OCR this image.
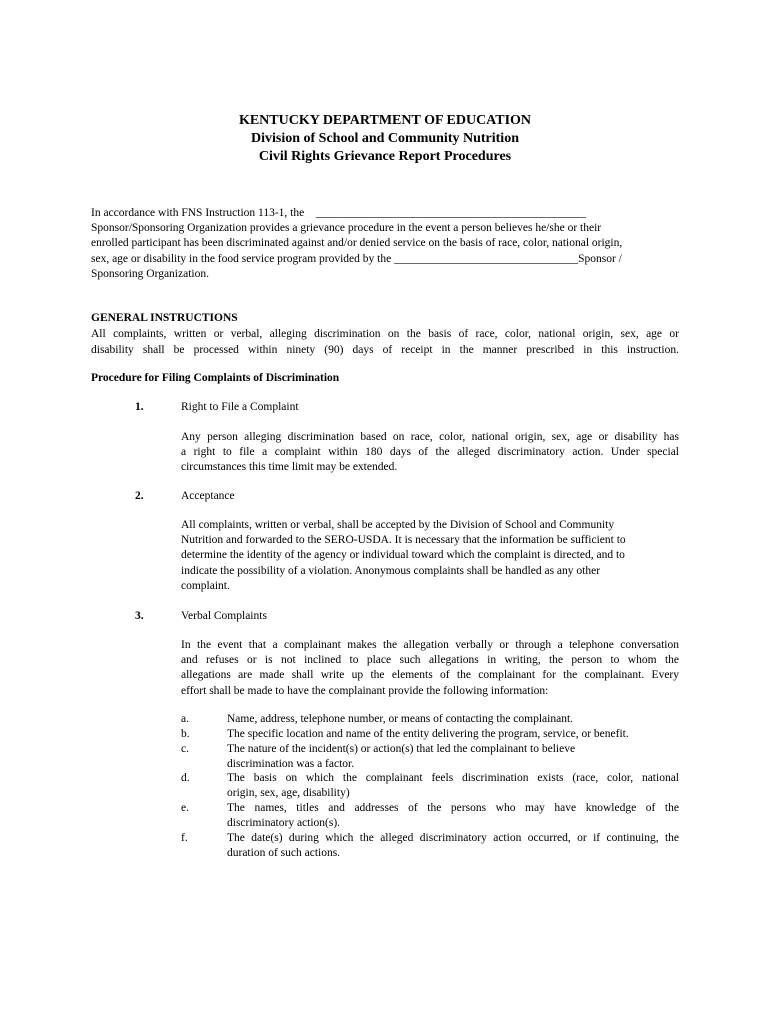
KENTUCKY DEPARTMENT OF EDUCATION
Division of School and Community Nutrition
Civil Rights Grievance Report Procedures
In accordance with FNS Instruction 113-1, the    _______________________________________________
Sponsor/Sponsoring Organization provides a grievance procedure in the event a person believes he/she or their
enrolled participant has been discriminated against and/or denied service on the basis of race, color, national origin,
sex, age or disability in the food service program provided by the ________________________________Sponsor /
Sponsoring Organization.
GENERAL INSTRUCTIONS
All complaints, written or verbal, alleging discrimination on the basis of race, color, national origin, sex, age or
disability shall be processed within ninety (90) days of receipt in the manner prescribed in this instruction.
Procedure for Filing Complaints of Discrimination
1.	Right to File a Complaint
Any person alleging discrimination based on race, color, national origin, sex, age or disability has
a right to file a complaint within 180 days of the alleged discriminatory action. Under special
circumstances this time limit may be extended.
2.	Acceptance
All complaints, written or verbal, shall be accepted by the Division of School and Community
Nutrition and forwarded to the SERO-USDA. It is necessary that the information be sufficient to
determine the identity of the agency or individual toward which the complaint is directed, and to
indicate the possibility of a violation. Anonymous complaints shall be handled as any other
complaint.
3.	Verbal Complaints
In the event that a complainant makes the allegation verbally or through a telephone conversation
and refuses or is not inclined to place such allegations in writing, the person to whom the
allegations are made shall write up the elements of the complainant for the complainant. Every
effort shall be made to have the complainant provide the following information:
a.	Name, address, telephone number, or means of contacting the complainant.
b.	The specific location and name of the entity delivering the program, service, or benefit.
c.	The nature of the incident(s) or action(s) that led the complainant to believe
discrimination was a factor.
d.	The basis on which the complainant feels discrimination exists (race, color, national
origin, sex, age, disability)
e.	The names, titles and addresses of the persons who may have knowledge of the
discriminatory action(s).
f.	The date(s) during which the alleged discriminatory action occurred, or if continuing, the
duration of such actions.
